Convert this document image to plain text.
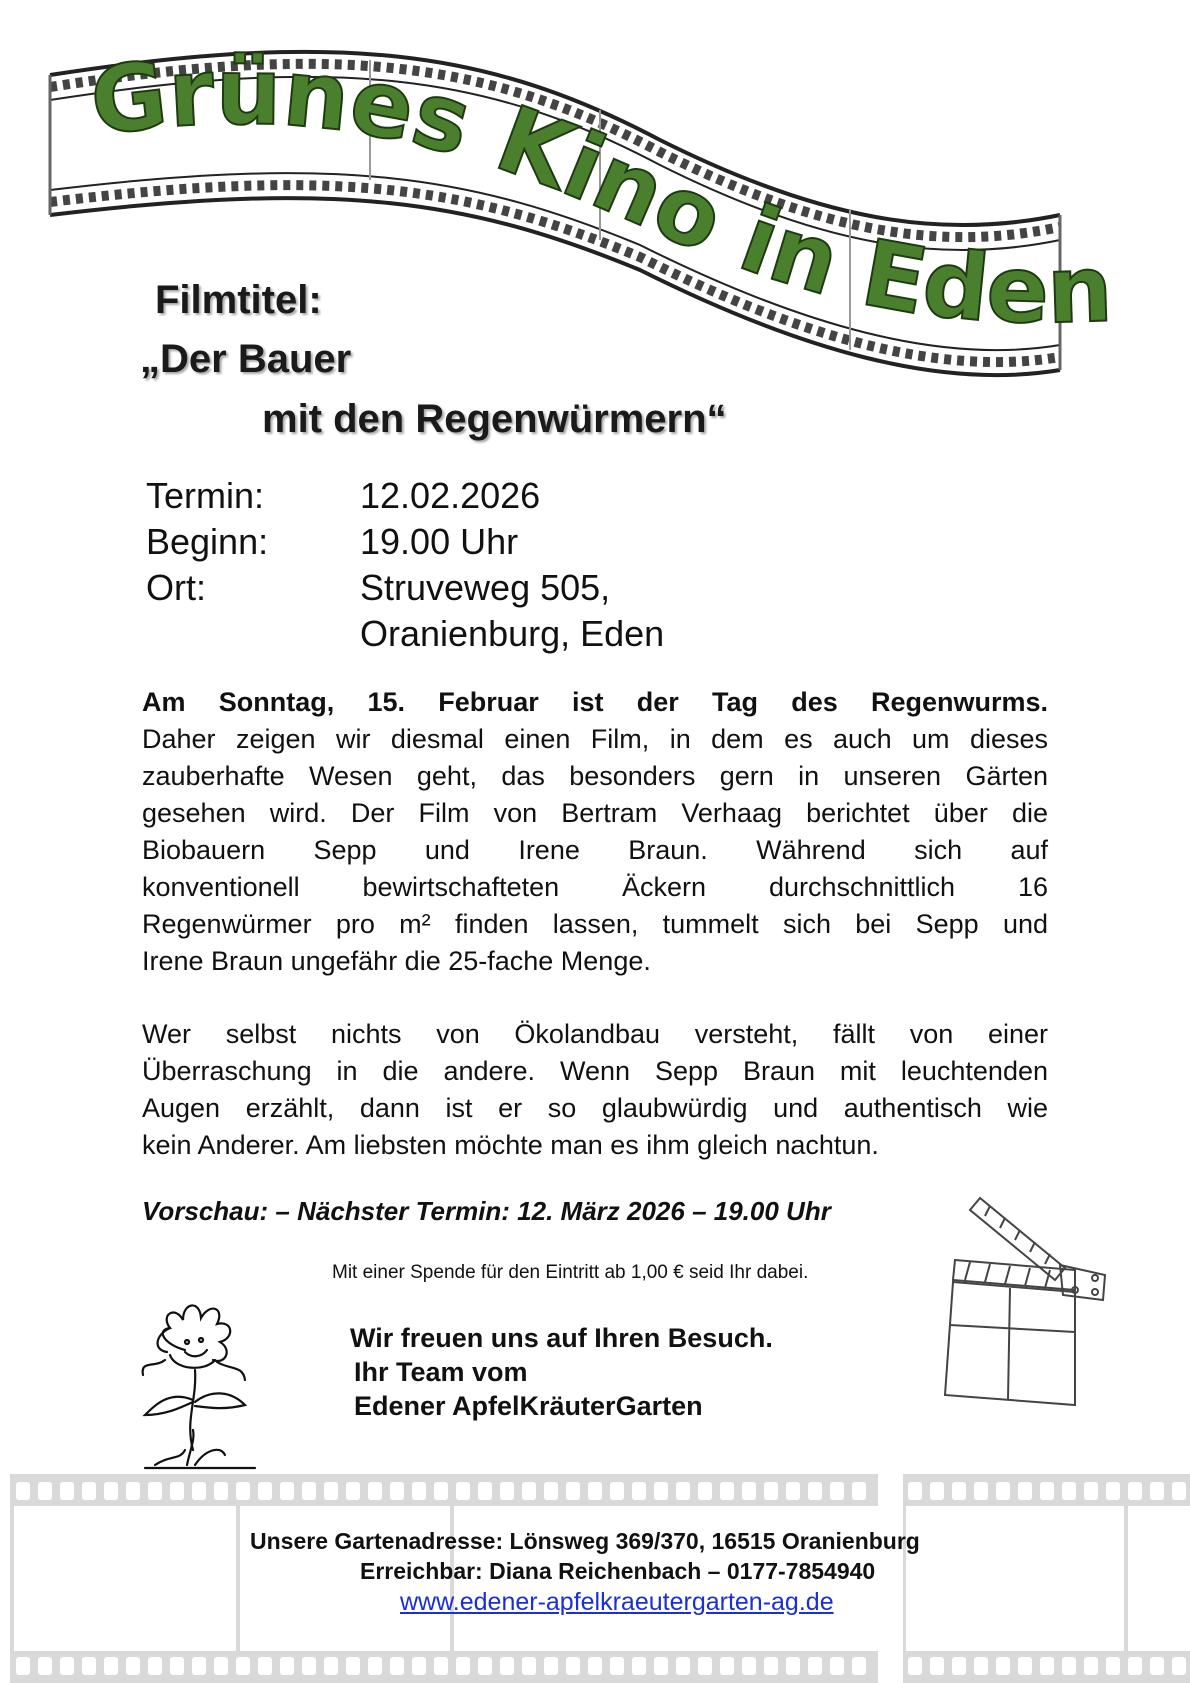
Grünes Kino in Eden
Filmtitel:
„Der Bauer
mit den Regenwürmern“
Termin:	12.02.2026
Beginn:	19.00 Uhr
Ort:	Struveweg 505,
Oranienburg, Eden
Am Sonntag, 15. Februar ist der Tag des Regenwurms.
Daher zeigen wir diesmal einen Film, in dem es auch um dieses
zauberhafte Wesen geht, das besonders gern in unseren Gärten
gesehen wird. Der Film von Bertram Verhaag berichtet über die
Biobauern Sepp und Irene Braun. Während sich auf
konventionell bewirtschafteten Äckern durchschnittlich 16
Regenwürmer pro m² finden lassen, tummelt sich bei Sepp und
Irene Braun ungefähr die 25-fache Menge.
Wer selbst nichts von Ökolandbau versteht, fällt von einer
Überraschung in die andere. Wenn Sepp Braun mit leuchtenden
Augen erzählt, dann ist er so glaubwürdig und authentisch wie
kein Anderer. Am liebsten möchte man es ihm gleich nachtun.
Vorschau: – Nächster Termin: 12. März 2026 – 19.00 Uhr
Mit einer Spende für den Eintritt ab 1,00 € seid Ihr dabei.
Wir freuen uns auf Ihren Besuch.
Ihr Team vom
Edener ApfelKräuterGarten
Unsere Gartenadresse: Lönsweg 369/370, 16515 Oranienburg
Erreichbar: Diana Reichenbach – 0177-7854940
www.edener-apfelkraeutergarten-ag.de
